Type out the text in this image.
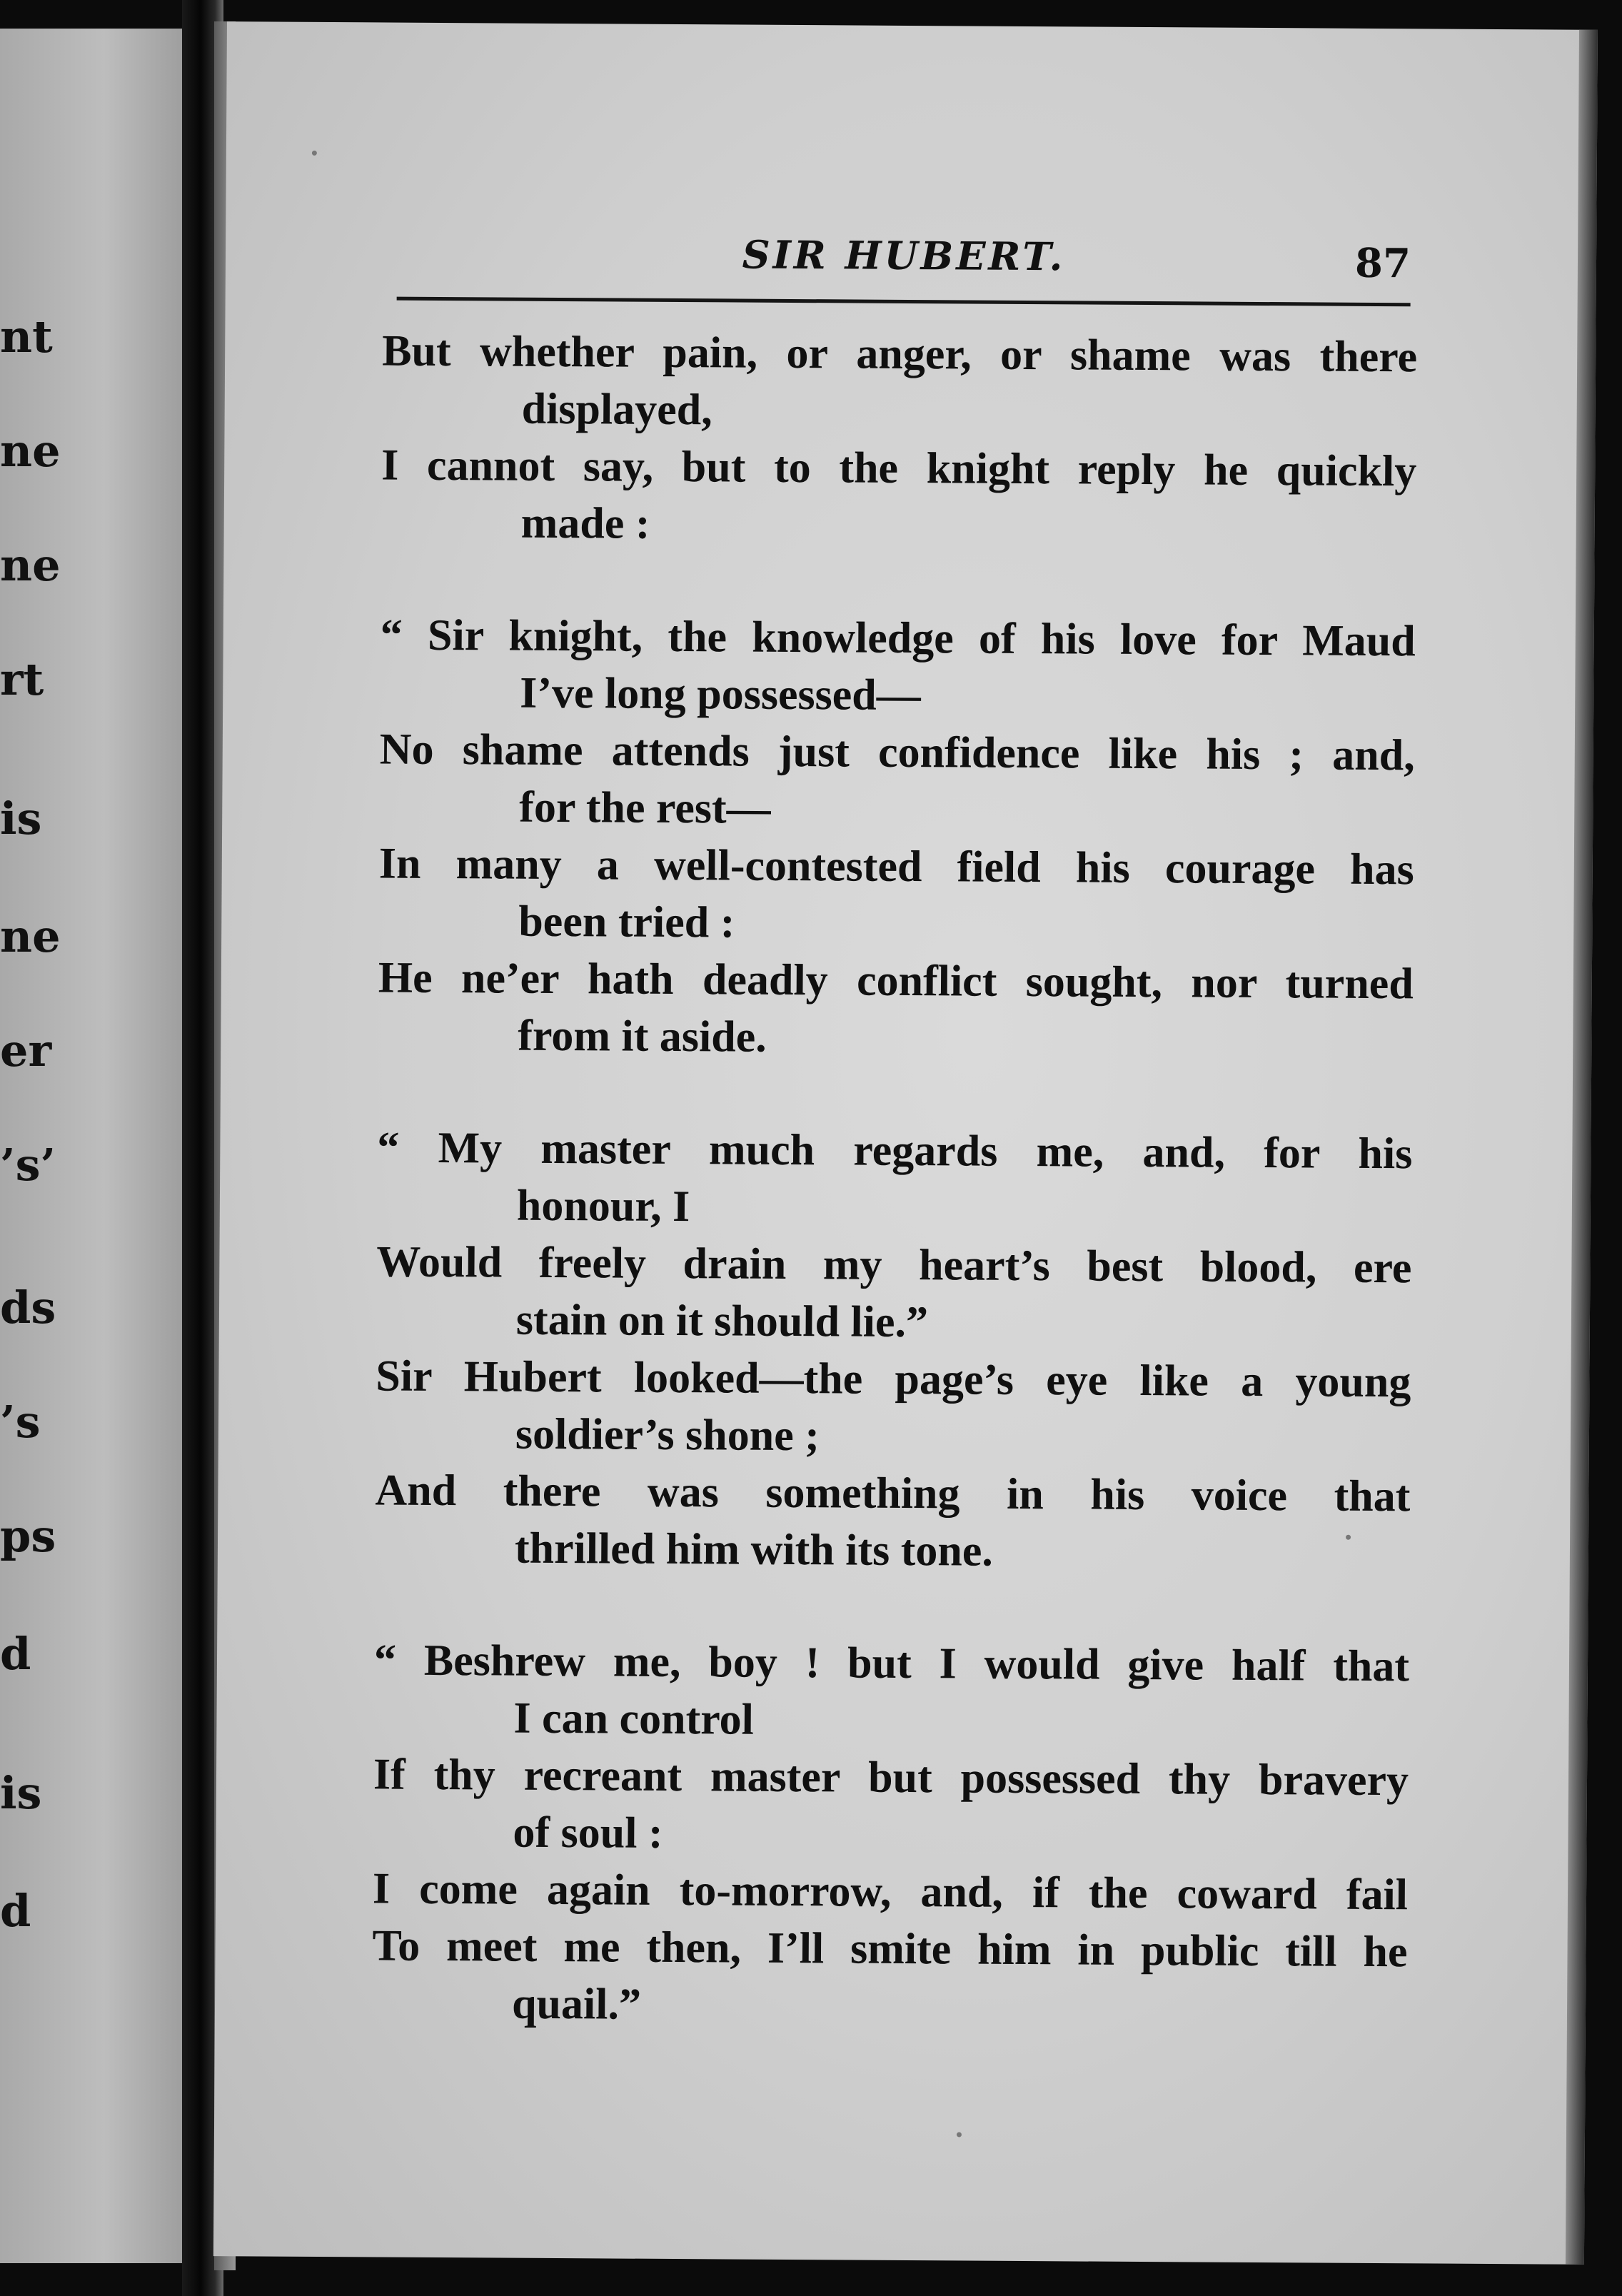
nt
ne
ne
rt
is
ne
er
’s’
ds
’s
ps
d
is
d
SIR HUBERT.	87

But whether pain, or anger, or shame was there
displayed,

I cannot say, but to the knight reply he quickly
made :

“ Sir knight, the knowledge of his love for Maud
I’ve long possessed—

No shame attends just confidence like his ; and,
for the rest—

In many a well-contested field his courage has
been tried :

He ne’er hath deadly conflict sought, nor turned
from it aside.

“ My master much regards me, and, for his
honour, I

Would freely drain my heart’s best blood, ere
stain on it should lie.”

Sir Hubert looked—the page’s eye like a young
soldier’s shone ;

And there was something in his voice that
thrilled him with its tone.

“ Beshrew me, boy ! but I would give half that
I can control

If thy recreant master but possessed thy bravery
of soul :

I come again to-morrow, and, if the coward fail

To meet me then, I’ll smite him in public till he
quail.”
